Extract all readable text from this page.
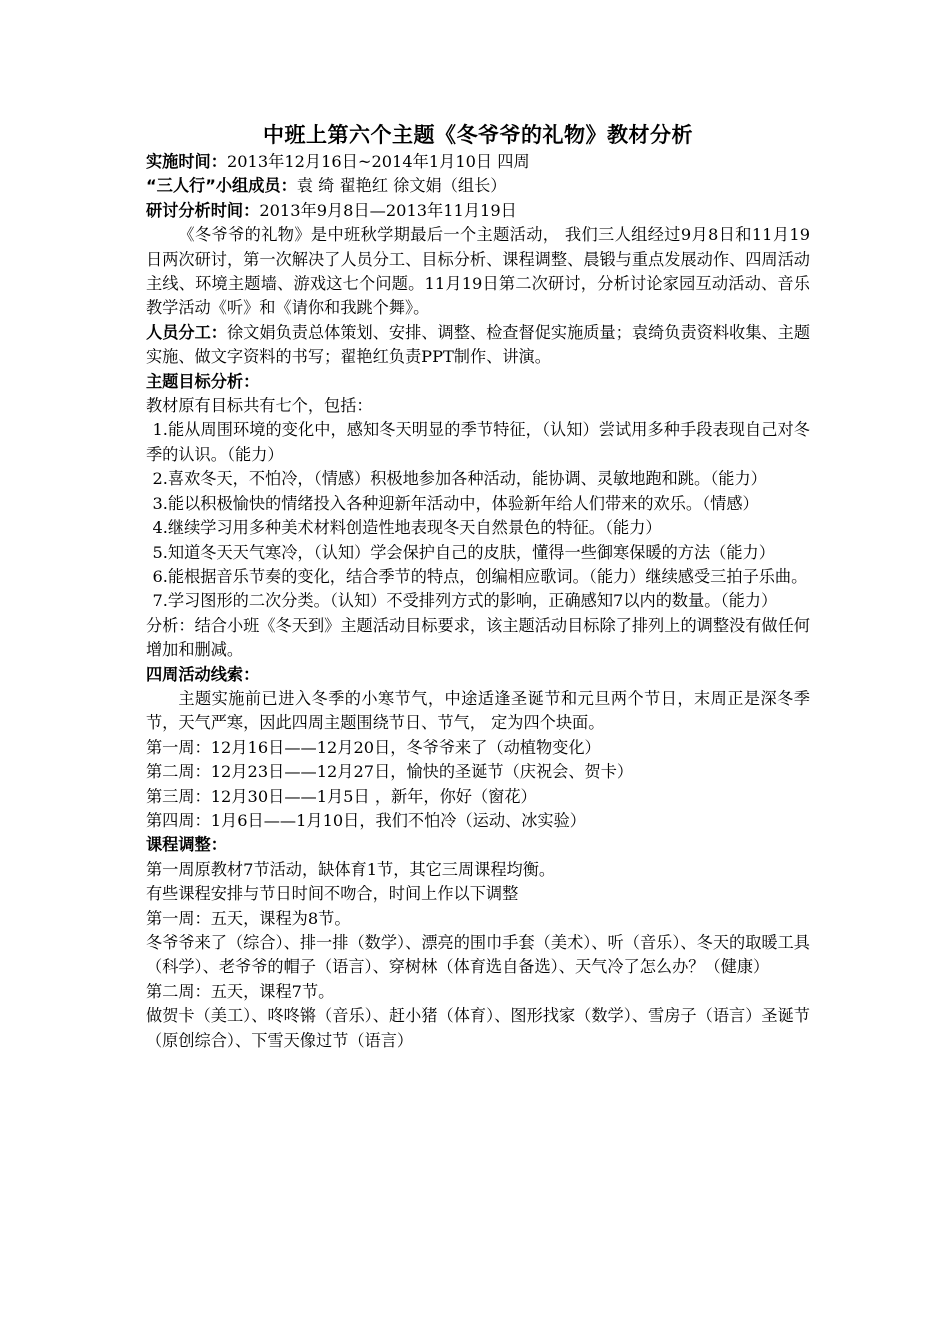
中班上第六个主题《冬爷爷的礼物》教材分析

实施时间：2013年12月16日~2014年1月10日 四周

“三人行”小组成员：袁 绮 翟艳红 徐文娟（组长）

研讨分析时间：2013年9月8日—2013年11月19日

《冬爷爷的礼物》是中班秋学期最后一个主题活动， 我们三人组经过9月8日和11月19日两次研讨，第一次解决了人员分工、目标分析、课程调整、晨锻与重点发展动作、四周活动主线、环境主题墙、游戏这七个问题。11月19日第二次研讨，分析讨论家园互动活动、音乐教学活动《听》和《请你和我跳个舞》。

人员分工：徐文娟负责总体策划、安排、调整、检查督促实施质量；袁绮负责资料收集、主题实施、做文字资料的书写；翟艳红负责PPT制作、讲演。

主题目标分析：

教材原有目标共有七个，包括：

1.能从周围环境的变化中，感知冬天明显的季节特征，（认知）尝试用多种手段表现自己对冬季的认识。（能力）

2.喜欢冬天，不怕冷，（情感）积极地参加各种活动，能协调、灵敏地跑和跳。（能力）

3.能以积极愉快的情绪投入各种迎新年活动中，体验新年给人们带来的欢乐。（情感）

4.继续学习用多种美术材料创造性地表现冬天自然景色的特征。（能力）

5.知道冬天天气寒冷，（认知）学会保护自己的皮肤，懂得一些御寒保暖的方法（能力）

6.能根据音乐节奏的变化，结合季节的特点，创编相应歌词。（能力）继续感受三拍子乐曲。

7.学习图形的二次分类。（认知）不受排列方式的影响，正确感知7以内的数量。（能力）

分析：结合小班《冬天到》主题活动目标要求，该主题活动目标除了排列上的调整没有做任何增加和删减。

四周活动线索：

主题实施前已进入冬季的小寒节气，中途适逢圣诞节和元旦两个节日，末周正是深冬季节，天气严寒，因此四周主题围绕节日、节气， 定为四个块面。

第一周：12月16日——12月20日，冬爷爷来了（动植物变化）

第二周：12月23日——12月27日，愉快的圣诞节（庆祝会、贺卡）

第三周：12月30日——1月5日 ，新年，你好（窗花）

第四周：1月6日——1月10日，我们不怕冷（运动、冰实验）

课程调整：

第一周原教材7节活动，缺体育1节，其它三周课程均衡。

有些课程安排与节日时间不吻合，时间上作以下调整

第一周：五天，课程为8节。

冬爷爷来了（综合）、排一排（数学）、漂亮的围巾手套（美术）、听（音乐）、冬天的取暖工具（科学）、老爷爷的帽子（语言）、穿树林（体育选自备选）、天气冷了怎么办？（健康）

第二周：五天，课程7节。

做贺卡（美工）、咚咚锵（音乐）、赶小猪（体育）、图形找家（数学）、雪房子（语言）圣诞节（原创综合）、下雪天像过节（语言）
